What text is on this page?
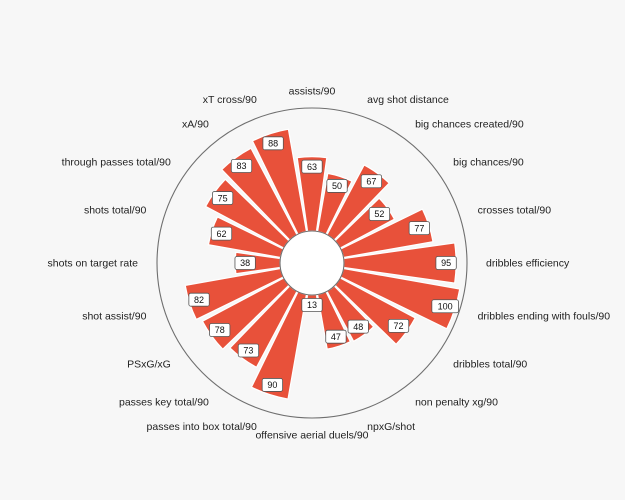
63
50	67
52
77
95
100
72
48
47
13
90
73
78
82
38
62
75
83
88
assists/90
avg shot distance
big chances created/90
big chances/90
crosses total/90
dribbles efficiency
dribbles ending with fouls/90
dribbles total/90
non penalty xg/90
npxG/shot
offensive aerial duels/90
passes into box total/90
passes key total/90
PSxG/xG
shot assist/90
shots on target rate
shots total/90
through passes total/90
xA/90
xT cross/90
